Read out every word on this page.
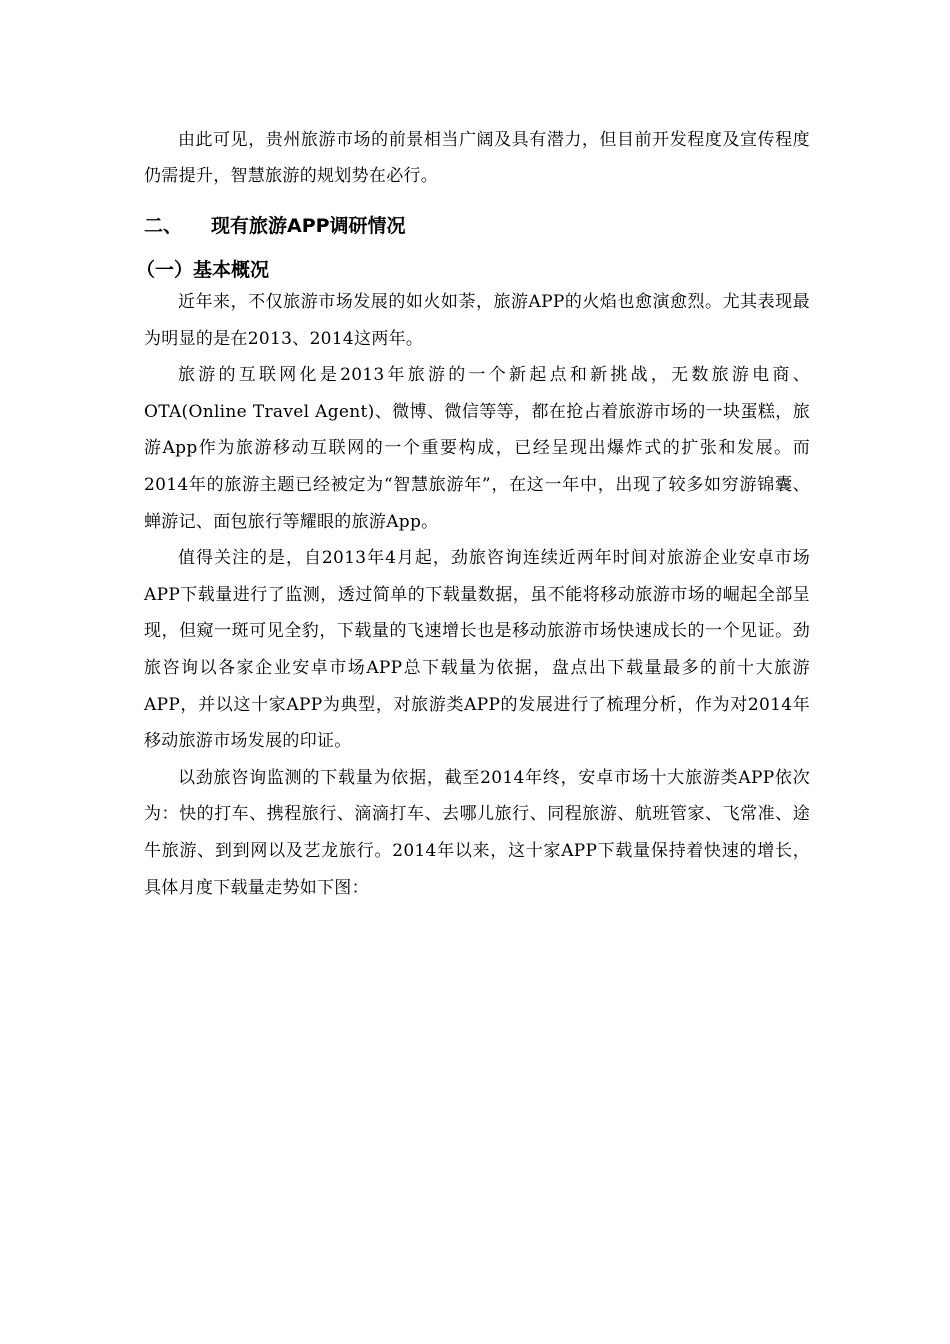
由此可见，贵州旅游市场的前景相当广阔及具有潜力，但目前开发程度及宣传程度仍需提升，智慧旅游的规划势在必行。

二、	现有旅游APP调研情况
（一）基本概况

近年来，不仅旅游市场发展的如火如荼，旅游APP的火焰也愈演愈烈。尤其表现最为明显的是在2013、2014这两年。

旅游的互联网化是2013年旅游的一个新起点和新挑战，无数旅游电商、OTA(Online Travel Agent)、微博、微信等等，都在抢占着旅游市场的一块蛋糕，旅游App作为旅游移动互联网的一个重要构成，已经呈现出爆炸式的扩张和发展。而2014年的旅游主题已经被定为“智慧旅游年”，在这一年中，出现了较多如穷游锦囊、蝉游记、面包旅行等耀眼的旅游App。

值得关注的是，自2013年4月起，劲旅咨询连续近两年时间对旅游企业安卓市场APP下载量进行了监测，透过简单的下载量数据，虽不能将移动旅游市场的崛起全部呈现，但窥一斑可见全豹，下载量的飞速增长也是移动旅游市场快速成长的一个见证。劲旅咨询以各家企业安卓市场APP总下载量为依据，盘点出下载量最多的前十大旅游APP，并以这十家APP为典型，对旅游类APP的发展进行了梳理分析，作为对2014年移动旅游市场发展的印证。

以劲旅咨询监测的下载量为依据，截至2014年终，安卓市场十大旅游类APP依次为：快的打车、携程旅行、滴滴打车、去哪儿旅行、同程旅游、航班管家、飞常准、途牛旅游、到到网以及艺龙旅行。2014年以来，这十家APP下载量保持着快速的增长，具体月度下载量走势如下图：
